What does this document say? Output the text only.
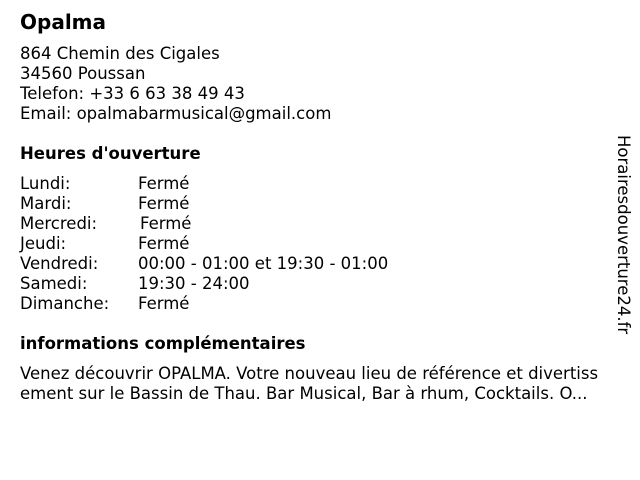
Opalma
864 Chemin des Cigales
34560 Poussan
Telefon: +33 6 63 38 49 43
Email: opalmabarmusical@gmail.com
Heures d'ouverture
Lundi:	Fermé
Mardi:	Fermé
Mercredi:	Fermé
Jeudi:	Fermé
Vendredi: 00:00 - 01:00 et 19:30 - 01:00
Samedi:	19:30 - 24:00
Dimanche: Fermé
informations complémentaires
Venez découvrir OPALMA. Votre nouveau lieu de référence et divertiss
ement sur le Bassin de Thau. Bar Musical, Bar à rhum, Cocktails. O...
Horairesdouverture24.fr
